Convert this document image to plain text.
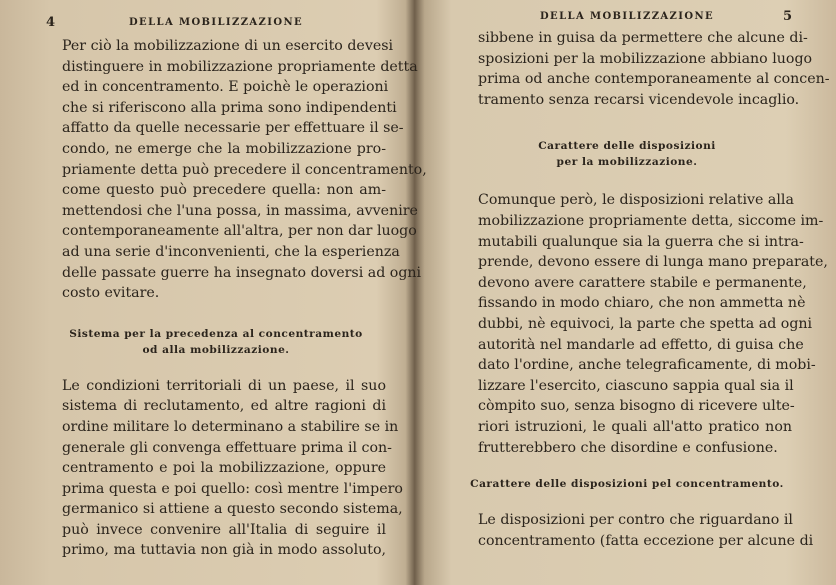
4	DELLA MOBILIZZAZIONE
Per ciò la mobilizzazione di un esercito devesi
distinguere in mobilizzazione propriamente detta
ed in concentramento. E poichè le operazioni
che si riferiscono alla prima sono indipendenti
affatto da quelle necessarie per effettuare il se-
condo, ne emerge che la mobilizzazione pro-
priamente detta può precedere il concentramento,
come questo può precedere quella: non am-
mettendosi che l'una possa, in massima, avvenire
contemporaneamente all'altra, per non dar luogo
ad una serie d'inconvenienti, che la esperienza
delle passate guerre ha insegnato doversi ad ogni
costo evitare.
Sistema per la precedenza al concentramento
od alla mobilizzazione.
Le condizioni territoriali di un paese, il suo
sistema di reclutamento, ed altre ragioni di
ordine militare lo determinano a stabilire se in
generale gli convenga effettuare prima il con-
centramento e poi la mobilizzazione, oppure
prima questa e poi quello: così mentre l'impero
germanico si attiene a questo secondo sistema,
può invece convenire all'Italia di seguire il
primo, ma tuttavia non già in modo assoluto,
DELLA MOBILIZZAZIONE	5
sibbene in guisa da permettere che alcune di-
sposizioni per la mobilizzazione abbiano luogo
prima od anche contemporaneamente al concen-
tramento senza recarsi vicendevole incaglio.
Carattere delle disposizioni
per la mobilizzazione.
Comunque però, le disposizioni relative alla
mobilizzazione propriamente detta, siccome im-
mutabili qualunque sia la guerra che si intra-
prende, devono essere di lunga mano preparate,
devono avere carattere stabile e permanente,
fissando in modo chiaro, che non ammetta nè
dubbi, nè equivoci, la parte che spetta ad ogni
autorità nel mandarle ad effetto, di guisa che
dato l'ordine, anche telegraficamente, di mobi-
lizzare l'esercito, ciascuno sappia qual sia il
còmpito suo, senza bisogno di ricevere ulte-
riori istruzioni, le quali all'atto pratico non
frutterebbero che disordine e confusione.
Carattere delle disposizioni pel concentramento.
Le disposizioni per contro che riguardano il
concentramento (fatta eccezione per alcune di
